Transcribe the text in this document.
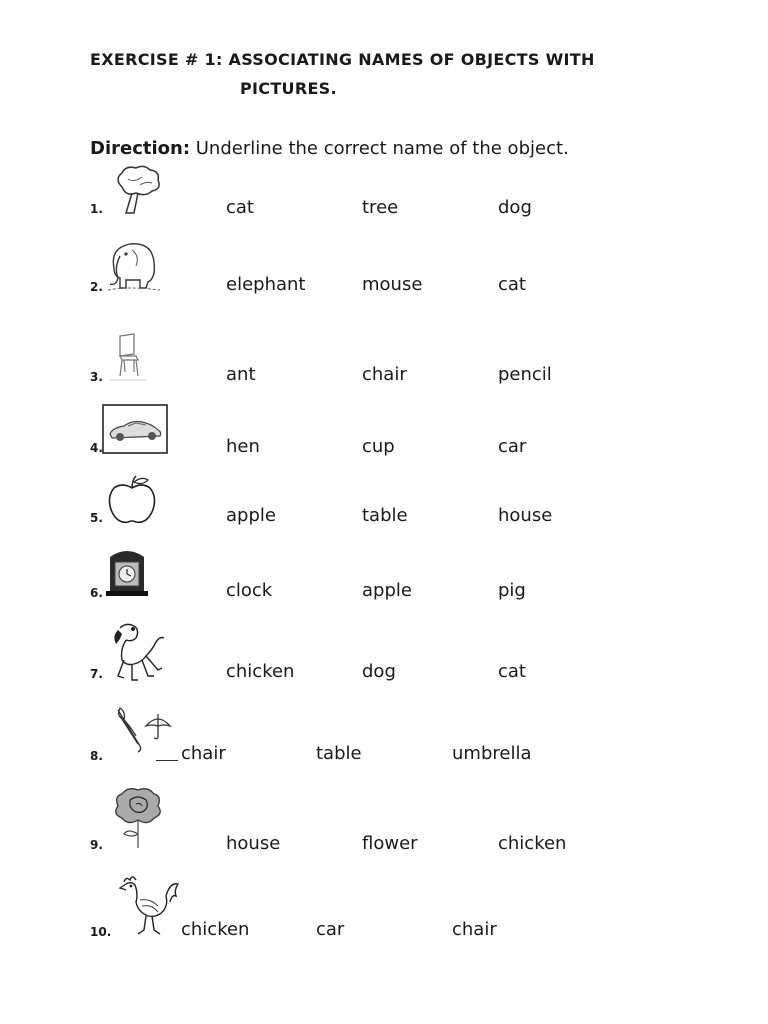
EXERCISE # 1: ASSOCIATING NAMES OF OBJECTS WITH
PICTURES.
Direction: Underline the correct name of the object.
1.	cat	tree	dog
2.	elephant	mouse	cat
3.	ant	chair	pencil
4.	hen	cup	car
5.	apple	table	house
6.	clock	apple	pig
7.	chicken	dog	cat
8.	chair	table	umbrella
9.	house	flower	chicken
10.	chicken	car	chair
